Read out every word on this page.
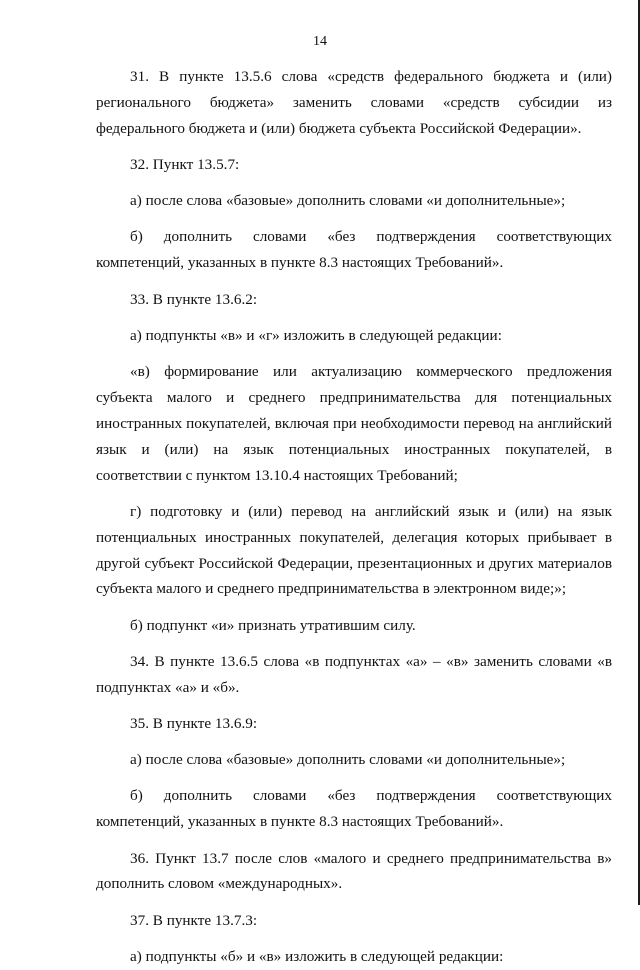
14

31. В пункте 13.5.6 слова «средств федерального бюджета и (или) регионального бюджета» заменить словами «средств субсидии из федерального бюджета и (или) бюджета субъекта Российской Федерации».

32. Пункт 13.5.7:

а) после слова «базовые» дополнить словами «и дополнительные»;

б) дополнить словами «без подтверждения соответствующих компетенций, указанных в пункте 8.3 настоящих Требований».

33. В пункте 13.6.2:

а) подпункты «в» и «г» изложить в следующей редакции:

«в) формирование или актуализацию коммерческого предложения субъекта малого и среднего предпринимательства для потенциальных иностранных покупателей, включая при необходимости перевод на английский язык и (или) на язык потенциальных иностранных покупателей, в соответствии с пунктом 13.10.4 настоящих Требований;

г) подготовку и (или) перевод на английский язык и (или) на язык потенциальных иностранных покупателей, делегация которых прибывает в другой субъект Российской Федерации, презентационных и других материалов субъекта малого и среднего предпринимательства в электронном виде;»;

б) подпункт «и» признать утратившим силу.

34. В пункте 13.6.5 слова «в подпунктах «а» – «в» заменить словами «в подпунктах «а» и «б».

35. В пункте 13.6.9:

а) после слова «базовые» дополнить словами «и дополнительные»;

б) дополнить словами «без подтверждения соответствующих компетенций, указанных в пункте 8.3 настоящих Требований».

36. Пункт 13.7 после слов «малого и среднего предпринимательства в» дополнить словом «международных».

37. В пункте 13.7.3:

а) подпункты «б» и «в» изложить в следующей редакции:
